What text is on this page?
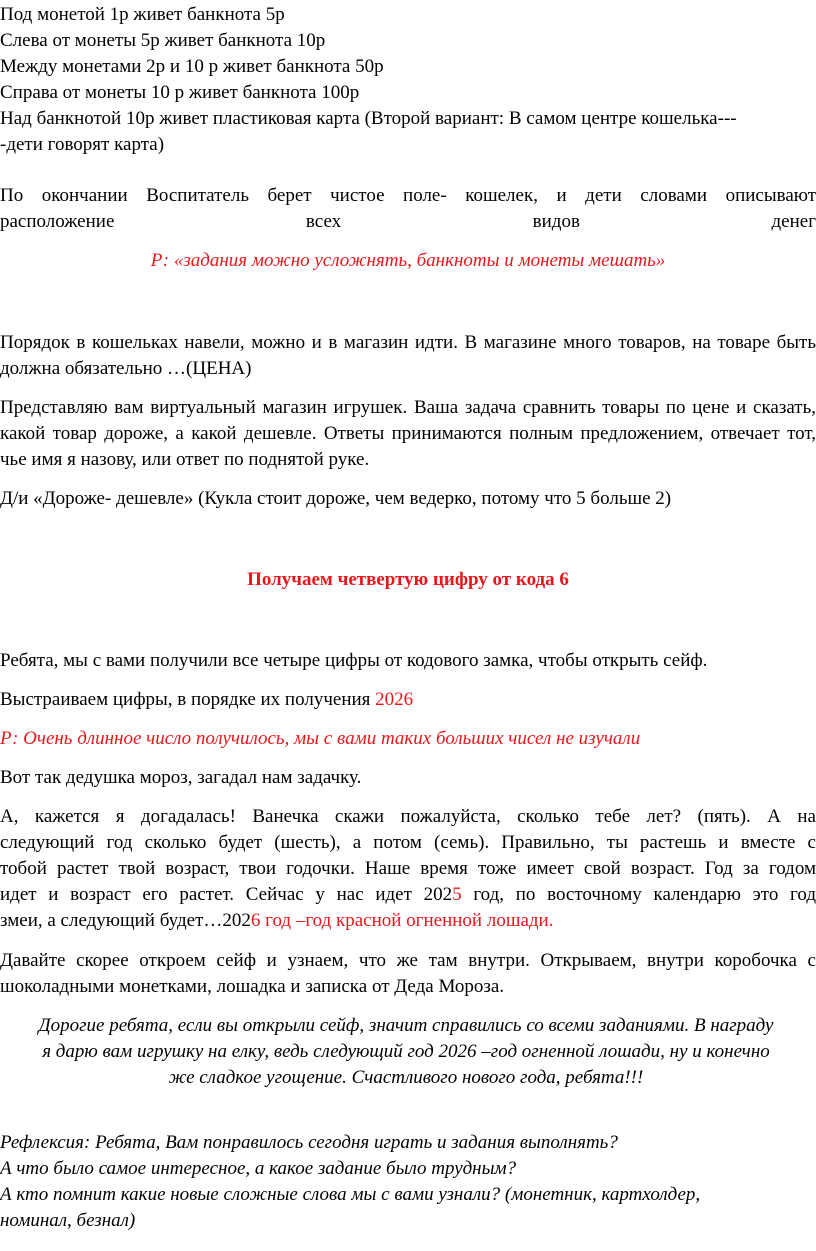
Под монетой 1р живет банкнота 5р
Слева от монеты 5р живет банкнота 10р
Между монетами 2р и 10 р живет банкнота 50р
Справа от монеты 10 р живет банкнота 100р
Над банкнотой 10р живет пластиковая карта (Второй вариант: В самом центре кошелька---
-дети говорят карта)

По окончании Воспитатель берет чистое поле- кошелек, и дети словами описывают расположение всех видов денег

Р: «задания можно усложнять, банкноты и монеты мешать»

Порядок в кошельках навели, можно и в магазин идти. В магазине много товаров, на товаре быть должна обязательно …(ЦЕНА)

Представляю вам виртуальный магазин игрушек. Ваша задача сравнить товары по цене и сказать, какой товар дороже, а какой дешевле. Ответы принимаются полным предложением, отвечает тот, чье имя я назову, или ответ по поднятой руке.

Д/и «Дороже- дешевле» (Кукла стоит дороже, чем ведерко, потому что 5 больше 2)

Получаем четвертую цифру от кода 6

Ребята, мы с вами получили все четыре цифры от кодового замка, чтобы открыть сейф.

Выстраиваем цифры, в порядке их получения 2026

Р: Очень длинное число получилось, мы с вами таких больших чисел не изучали

Вот так дедушка мороз, загадал нам задачку.

А, кажется я догадалась! Ванечка скажи пожалуйста, сколько тебе лет? (пять). А на
следующий год сколько будет (шесть), а потом (семь). Правильно, ты растешь и вместе с
тобой растет твой возраст, твои годочки. Наше время тоже имеет свой возраст. Год за годом
идет и возраст его растет. Сейчас у нас идет 2025 год, по восточному календарю это год
змеи, а следующий будет…2026 год –год красной огненной лошади.

Давайте скорее откроем сейф и узнаем, что же там внутри. Открываем, внутри коробочка с шоколадными монетками, лошадка и записка от Деда Мороза.

Дорогие ребята, если вы открыли сейф, значит справились со всеми заданиями. В награду
я дарю вам игрушку на елку, ведь следующий год 2026 –год огненной лошади, ну и конечно
же сладкое угощение. Счастливого нового года, ребята!!!
Рефлексия: Ребята, Вам понравилось сегодня играть и задания выполнять?
А что было самое интересное, а какое задание было трудным?
А кто помнит какие новые сложные слова мы с вами узнали? (монетник, картхолдер,
номинал, безнал)
